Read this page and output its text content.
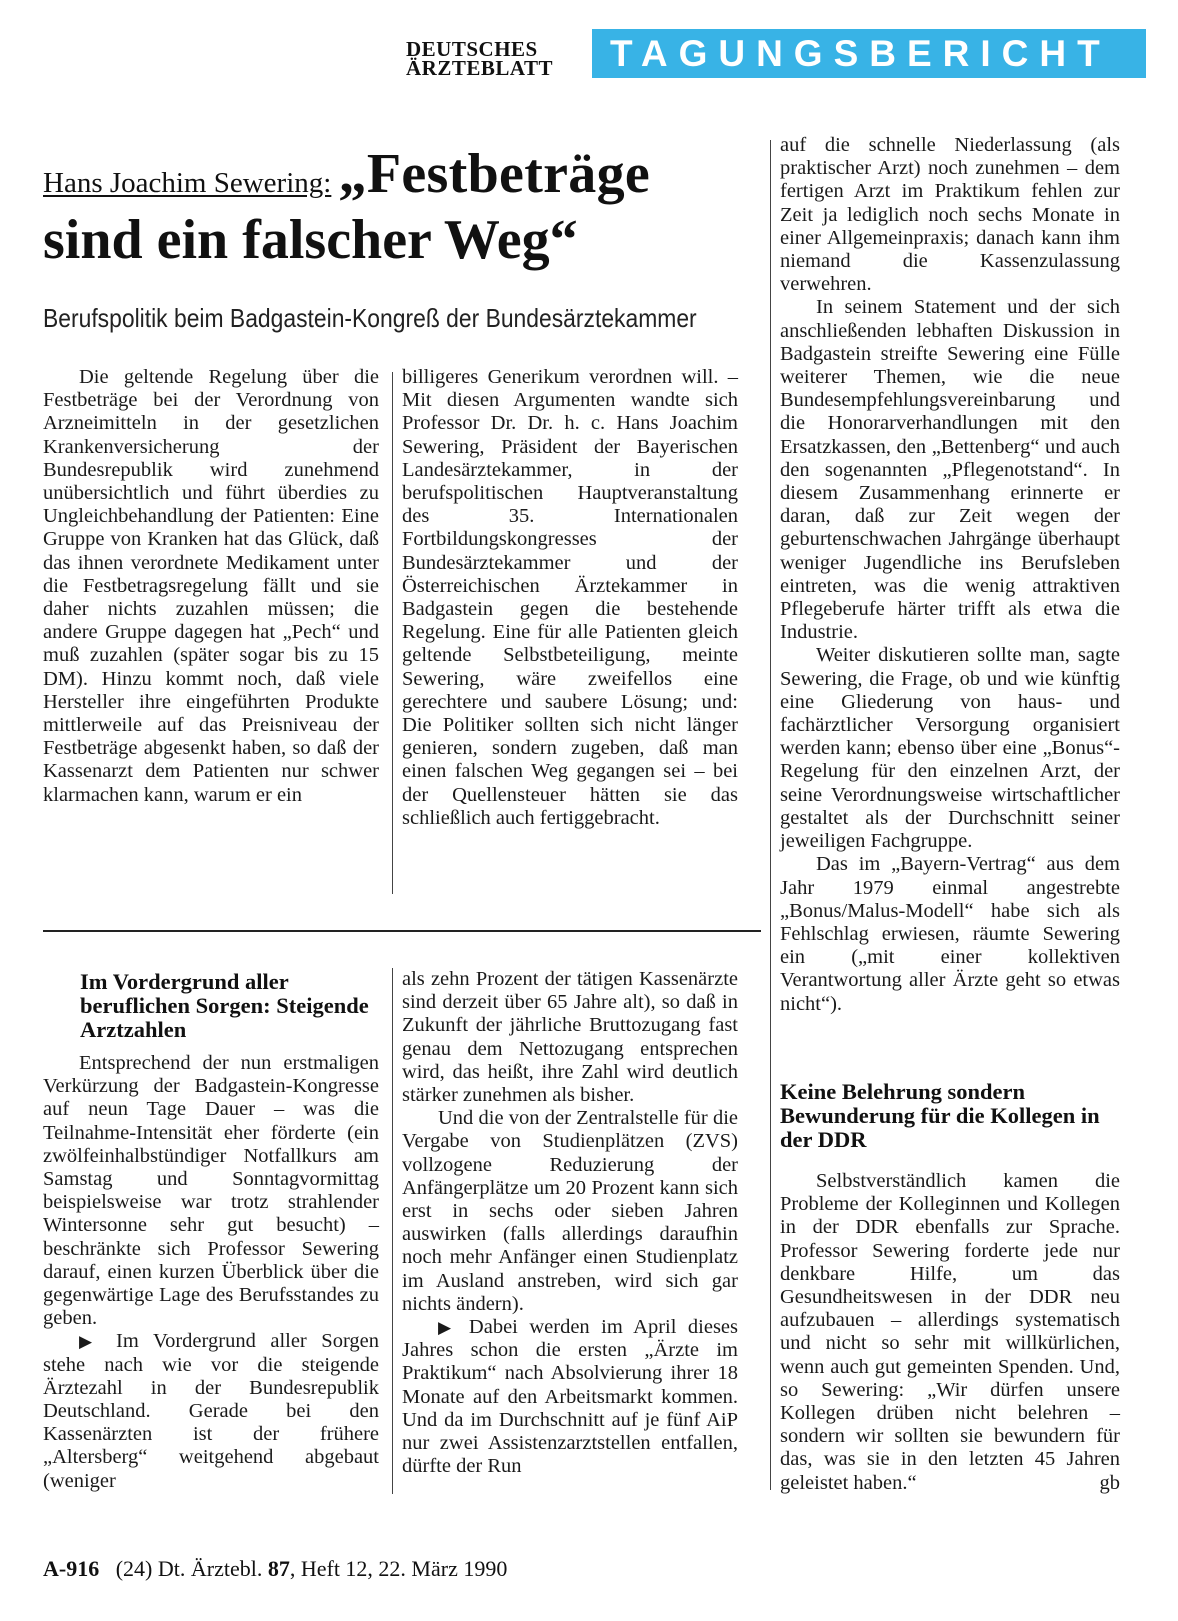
DEUTSCHES
ÄRZTEBLATT	TAGUNGSBERICHT
Hans Joachim Sewering: „Festbeträge
sind ein falscher Weg“
Berufspolitik beim Badgastein-Kongreß der Bundesärztekammer

Die geltende Regelung über die Festbeträge bei der Verordnung von Arzneimitteln in der gesetzlichen Krankenversicherung der Bundesrepublik wird zunehmend unübersichtlich und führt überdies zu Ungleichbehandlung der Patienten: Eine Gruppe von Kranken hat das Glück, daß das ihnen verordnete Medikament unter die Festbetragsregelung fällt und sie daher nichts zuzahlen müssen; die andere Gruppe dagegen hat „Pech“ und muß zuzahlen (später sogar bis zu 15 DM). Hinzu kommt noch, daß viele Hersteller ihre eingeführten Produkte mittlerweile auf das Preisniveau der Festbeträge abgesenkt haben, so daß der Kassenarzt dem Patienten nur schwer klarmachen kann, warum er ein

billigeres Generikum verordnen will. – Mit diesen Argumenten wandte sich Professor Dr. Dr. h. c. Hans Joachim Sewering, Präsident der Bayerischen Landesärztekammer, in der berufspolitischen Hauptveranstaltung des 35. Internationalen Fortbildungskongresses der Bundesärztekammer und der Österreichischen Ärztekammer in Badgastein gegen die bestehende Regelung. Eine für alle Patienten gleich geltende Selbstbeteiligung, meinte Sewering, wäre zweifellos eine gerechtere und saubere Lösung; und: Die Politiker sollten sich nicht länger genieren, sondern zugeben, daß man einen falschen Weg gegangen sei – bei der Quellensteuer hätten sie das schließlich auch fertiggebracht.

Im Vordergrund aller beruflichen Sorgen: Steigende Arztzahlen

Entsprechend der nun erstmaligen Verkürzung der Badgastein-Kongresse auf neun Tage Dauer – was die Teilnahme-Intensität eher förderte (ein zwölfeinhalbstündiger Notfallkurs am Samstag und Sonntagvormittag beispielsweise war trotz strahlender Wintersonne sehr gut besucht) – beschränkte sich Professor Sewering darauf, einen kurzen Überblick über die gegenwärtige Lage des Berufsstandes zu geben.

▶ Im Vordergrund aller Sorgen stehe nach wie vor die steigende Ärztezahl in der Bundesrepublik Deutschland. Gerade bei den Kassenärzten ist der frühere „Altersberg“ weitgehend abgebaut (weniger

als zehn Prozent der tätigen Kassenärzte sind derzeit über 65 Jahre alt), so daß in Zukunft der jährliche Bruttozugang fast genau dem Nettozugang entsprechen wird, das heißt, ihre Zahl wird deutlich stärker zunehmen als bisher.

Und die von der Zentralstelle für die Vergabe von Studienplätzen (ZVS) vollzogene Reduzierung der Anfängerplätze um 20 Prozent kann sich erst in sechs oder sieben Jahren auswirken (falls allerdings daraufhin noch mehr Anfänger einen Studienplatz im Ausland anstreben, wird sich gar nichts ändern).

▶ Dabei werden im April dieses Jahres schon die ersten „Ärzte im Praktikum“ nach Absolvierung ihrer 18 Monate auf den Arbeitsmarkt kommen. Und da im Durchschnitt auf je fünf AiP nur zwei Assistenzarztstellen entfallen, dürfte der Run

auf die schnelle Niederlassung (als praktischer Arzt) noch zunehmen – dem fertigen Arzt im Praktikum fehlen zur Zeit ja lediglich noch sechs Monate in einer Allgemeinpraxis; danach kann ihm niemand die Kassenzulassung verwehren.

In seinem Statement und der sich anschließenden lebhaften Diskussion in Badgastein streifte Sewering eine Fülle weiterer Themen, wie die neue Bundesempfehlungsvereinbarung und die Honorarverhandlungen mit den Ersatzkassen, den „Bettenberg“ und auch den sogenannten „Pflegenotstand“. In diesem Zusammenhang erinnerte er daran, daß zur Zeit wegen der geburtenschwachen Jahrgänge überhaupt weniger Jugendliche ins Berufsleben eintreten, was die wenig attraktiven Pflegeberufe härter trifft als etwa die Industrie.

Weiter diskutieren sollte man, sagte Sewering, die Frage, ob und wie künftig eine Gliederung von haus- und fachärztlicher Versorgung organisiert werden kann; ebenso über eine „Bonus“-Regelung für den einzelnen Arzt, der seine Verordnungsweise wirtschaftlicher gestaltet als der Durchschnitt seiner jeweiligen Fachgruppe.

Das im „Bayern-Vertrag“ aus dem Jahr 1979 einmal angestrebte „Bonus/Malus-Modell“ habe sich als Fehlschlag erwiesen, räumte Sewering ein („mit einer kollektiven Verantwortung aller Ärzte geht so etwas nicht“).

Keine Belehrung sondern Bewunderung für die Kollegen in der DDR

Selbstverständlich kamen die Probleme der Kolleginnen und Kollegen in der DDR ebenfalls zur Sprache. Professor Sewering forderte jede nur denkbare Hilfe, um das Gesundheitswesen in der DDR neu aufzubauen – allerdings systematisch und nicht so sehr mit willkürlichen, wenn auch gut gemeinten Spenden. Und, so Sewering: „Wir dürfen unsere Kollegen drüben nicht belehren – sondern wir sollten sie bewundern für das, was sie in den letzten 45 Jahren geleistet haben.“	gb

A-916 (24) Dt. Ärztebl. 87, Heft 12, 22. März 1990
